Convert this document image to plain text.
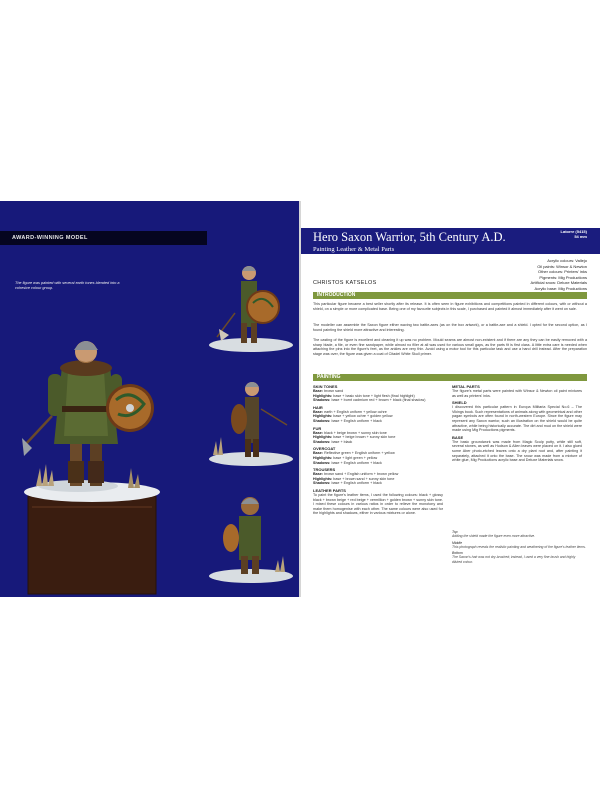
AWARD-WINNING MODEL
The figure was painted with several earth tones blended into a cohesive colour group.
Hero Saxon Warrior, 5th Century A.D.
Painting Leather & Metal Parts
Latorre (5415)
54 mm
Acrylic colours: Vallejo
Oil paints: Winsor & Newton
Other colours: Printers' inks
Pigments: Mig Productions
Artificial snow: Deluxe Materials
Acrylic base: Mig Productions
CHRISTOS KATSELOS
INTRODUCTION

This particular figure became a best seller shortly after its release. It is often seen in figure exhibitions and competitions painted in different colours, with or without a shield, on a simple or more complicated base. Being one of my favourite subjects in this scale, I purchased and painted it almost immediately after it went on sale.

The modeller can assemble the Saxon figure either waving two battle-axes (as on the box artwork), or a battle-axe and a shield. I opted for the second option, as I found painting the shield more attractive and interesting.

The casting of the figure is excellent and cleaning it up was no problem. Mould seams are almost non-existent and if there are any they can be easily removed with a sharp blade, a file, or even fine sandpaper, while almost no filler at all was used for various small gaps, as the parts fit is first class. A little extra care is needed when attaching the pins into the figure's feet, as the ankles are very thin. Avoid using a motor tool for this particular task and use a hand drill instead. After the preparation stage was over, the figure was given a coat of Citadel White Skull primer.

PAINTING
SKIN TONES
Base: brown sand
Highlights: base + basic skin tone + light flesh (final highlight)
Shadows: base + burnt cadmium red + brown + black (final shadow)
HAIR
Base: earth + English uniform + yellow ochre
Highlights: base + yellow ochre + golden yellow
Shadows: base + English uniform + black
FUR
Base: black + beige brown + sunny skin tone
Highlights: base + beige brown + sunny skin tone
Shadows: base + black
OVERCOAT
Base: Reflective green + English uniform + yellow
Highlights: base + light green + yellow
Shadows: base + English uniform + black
TROUSERS
Base: brown sand + English uniform + brown yellow
Highlights: base + brown sand + sunny skin tone
Shadows: base + English uniform + black
LEATHER PARTS
To paint the figure's leather items, I used the following colours: black + glossy black + brown beige + red beige + vermillion + golden brown + sunny skin tone. I mixed these colours in various ratios in order to relieve the monotony and make them homogenise with each other. The same colours were also used for the highlights and shadows, either in various mixtures or alone.
METAL PARTS
The figure's metal parts were painted with Winsor & Newton oil paint mixtures as well as printers' inks.
SHIELD
I discovered this particular pattern in Europa Militaria Special No.6 – The Vikings book. Such representations of animals along with geometrical and other pagan symbols are often found in north-western Europe. Since the figure may represent any Saxon warrior, such an illustration on the shield would be quite attractive, while being historically accurate. The dirt and mud on the shield were made using Mig Productions pigments.
BASE
The basic groundwork was made from Magic Sculp putty, while still soft, several stones, as well as Hudson & Allen leaves were placed on it. I also glued some Aber photo-etched leaves onto a dry plant root and, after painting it separately, attached it onto the base. The snow was made from a mixture of white glue, Mig Productions acrylic base and Deluxe Materials snow.
Top
Adding the shield made the figure even more attractive.
Middle
This photograph reveals the realistic painting and weathering of the figure's leather items.
Bottom
The Saxon's hair was not dry-brushed; instead, I used a very fine brush and highly diluted colour.
